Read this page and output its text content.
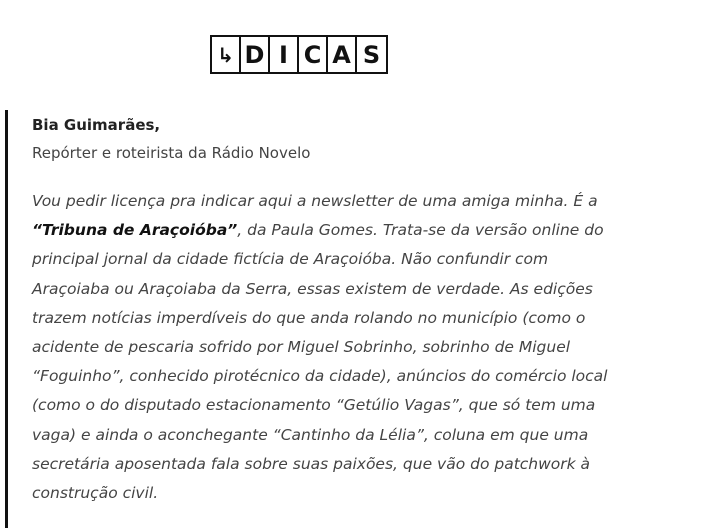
↳ D I C A S
Bia Guimarães,
Repórter e roteirista da Rádio Novelo

Vou pedir licença pra indicar aqui a newsletter de uma amiga minha. É a “Tribuna de Araçoióba”, da Paula Gomes. Trata-se da versão online do principal jornal da cidade fictícia de Araçoióba. Não confundir com Araçoiaba ou Araçoiaba da Serra, essas existem de verdade. As edições trazem notícias imperdíveis do que anda rolando no município (como o acidente de pescaria sofrido por Miguel Sobrinho, sobrinho de Miguel “Foguinho”, conhecido pirotécnico da cidade), anúncios do comércio local (como o do disputado estacionamento “Getúlio Vagas”, que só tem uma vaga) e ainda o aconchegante “Cantinho da Lélia”, coluna em que uma secretária aposentada fala sobre suas paixões, que vão do patchwork à construção civil.
